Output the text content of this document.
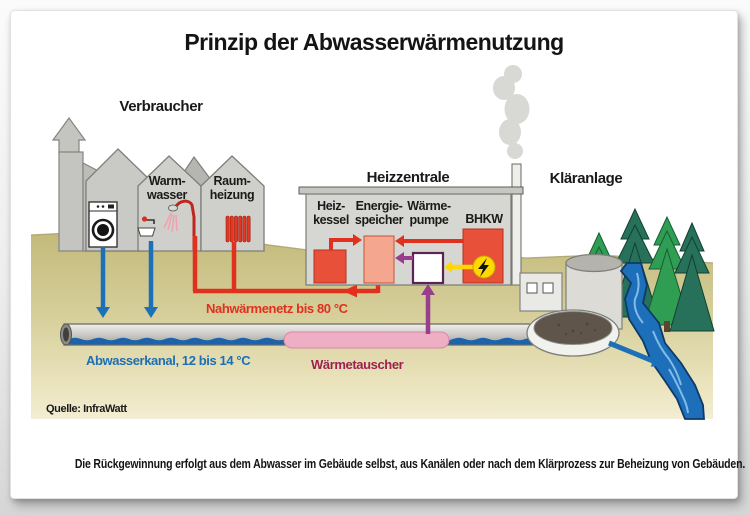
Prinzip der Abwasserwärmenutzung
Verbraucher
Warm-
wasser
Raum-
heizung
Heizzentrale
Heiz-
kessel
Energie-
speicher
Wärme-
pumpe BHKW
Kläranlage
Nahwärmenetz bis 80 °C
Abwasserkanal, 12 bis 14 °C	Wärmetauscher
Quelle: InfraWatt
Die Rückgewinnung erfolgt aus dem Abwasser im Gebäude selbst, aus Kanälen oder nach dem Klärprozess zur Beheizung von Gebäuden.
